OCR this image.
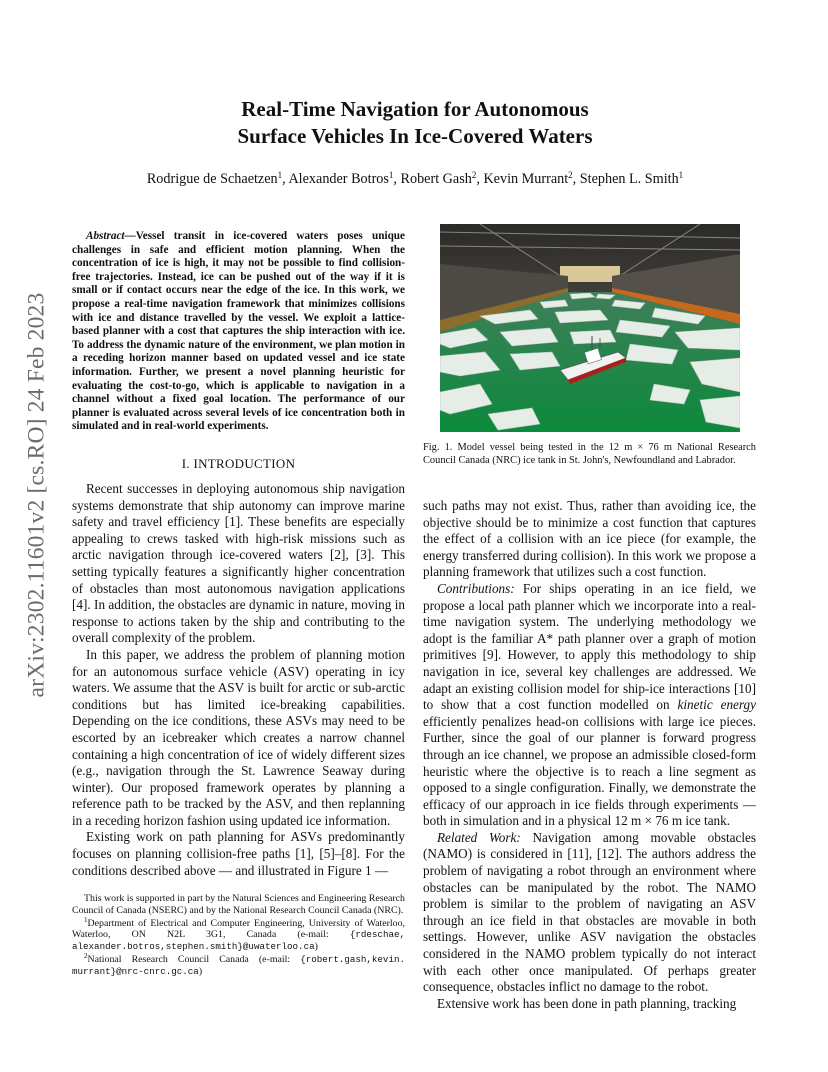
arXiv:2302.11601v2 [cs.RO] 24 Feb 2023
Real-Time Navigation for Autonomous
Surface Vehicles In Ice-Covered Waters
Rodrigue de Schaetzen$^1$, Alexander Botros$^1$, Robert Gash$^2$, Kevin Murrant$^2$, Stephen L. Smith$^1$
Abstract—Vessel transit in ice-covered waters poses unique challenges in safe and efficient motion planning. When the concentration of ice is high, it may not be possible to find collision-free trajectories. Instead, ice can be pushed out of the way if it is small or if contact occurs near the edge of the ice. In this work, we propose a real-time navigation framework that minimizes collisions with ice and distance travelled by the vessel. We exploit a lattice-based planner with a cost that captures the ship interaction with ice. To address the dynamic nature of the environment, we plan motion in a receding horizon manner based on updated vessel and ice state information. Further, we present a novel planning heuristic for evaluating the cost-to-go, which is applicable to navigation in a channel without a fixed goal location. The performance of our planner is evaluated across several levels of ice concentration both in simulated and in real-world experiments.
I. INTRODUCTION

Recent successes in deploying autonomous ship navigation systems demonstrate that ship autonomy can improve marine safety and travel efficiency [1]. These benefits are especially appealing to crews tasked with high-risk missions such as arctic navigation through ice-covered waters [2], [3]. This setting typically features a significantly higher concentration of obstacles than most autonomous navigation applications [4]. In addition, the obstacles are dynamic in nature, moving in response to actions taken by the ship and contributing to the overall complexity of the problem.

In this paper, we address the problem of planning motion for an autonomous surface vehicle (ASV) operating in icy waters. We assume that the ASV is built for arctic or sub-arctic conditions but has limited ice-breaking capabilities. Depending on the ice conditions, these ASVs may need to be escorted by an icebreaker which creates a narrow channel containing a high concentration of ice of widely different sizes (e.g., navigation through the St. Lawrence Seaway during winter). Our proposed framework operates by planning a reference path to be tracked by the ASV, and then replanning in a receding horizon fashion using updated ice information.

Existing work on path planning for ASVs predominantly focuses on planning collision-free paths [1], [5]–[8]. For the conditions described above — and illustrated in Figure 1 —

This work is supported in part by the Natural Sciences and Engineering Research Council of Canada (NSERC) and by the National Research Council Canada (NRC).

$^1$Department of Electrical and Computer Engineering, University of Waterloo, Waterloo, ON N2L 3G1, Canada (e-mail: {rdeschae, alexander.botros,stephen.smith}@uwaterloo.ca)

$^2$National Research Council Canada (e-mail: {robert.gash,kevin. murrant}@nrc-cnrc.gc.ca)

Fig. 1. Model vessel being tested in the 12 m × 76 m National Research Council Canada (NRC) ice tank in St. John's, Newfoundland and Labrador.

such paths may not exist. Thus, rather than avoiding ice, the objective should be to minimize a cost function that captures the effect of a collision with an ice piece (for example, the energy transferred during collision). In this work we propose a planning framework that utilizes such a cost function.

Contributions: For ships operating in an ice field, we propose a local path planner which we incorporate into a real-time navigation system. The underlying methodology we adopt is the familiar A* path planner over a graph of motion primitives [9]. However, to apply this methodology to ship navigation in ice, several key challenges are addressed. We adapt an existing collision model for ship-ice interactions [10] to show that a cost function modelled on kinetic energy efficiently penalizes head-on collisions with large ice pieces. Further, since the goal of our planner is forward progress through an ice channel, we propose an admissible closed-form heuristic where the objective is to reach a line segment as opposed to a single configuration. Finally, we demonstrate the efficacy of our approach in ice fields through experiments — both in simulation and in a physical 12 m × 76 m ice tank.

Related Work: Navigation among movable obstacles (NAMO) is considered in [11], [12]. The authors address the problem of navigating a robot through an environment where obstacles can be manipulated by the robot. The NAMO problem is similar to the problem of navigating an ASV through an ice field in that obstacles are movable in both settings. However, unlike ASV navigation the obstacles considered in the NAMO problem typically do not interact with each other once manipulated. Of perhaps greater consequence, obstacles inflict no damage to the robot.

Extensive work has been done in path planning, tracking
